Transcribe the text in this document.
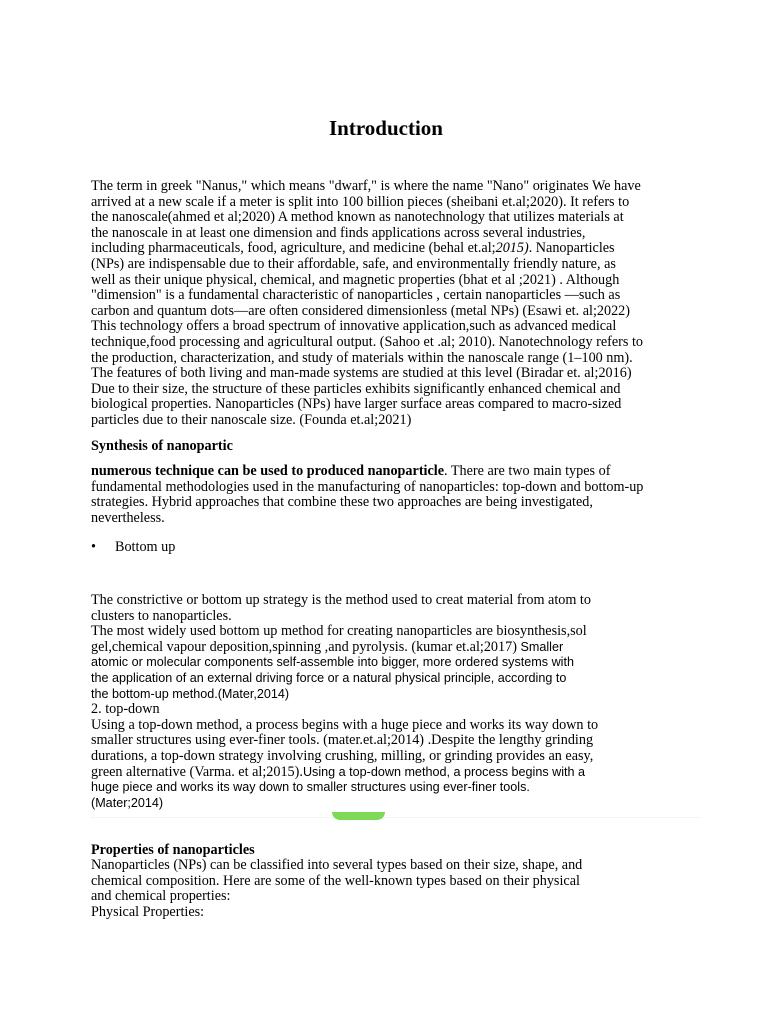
Introduction
The term in greek "Nanus," which means "dwarf," is where the name "Nano" originates We have
arrived at a new scale if a meter is split into 100 billion pieces (sheibani et.al;2020). It refers to
the nanoscale(ahmed et al;2020) A method known as nanotechnology that utilizes materials at
the nanoscale in at least one dimension and finds applications across several industries,
including pharmaceuticals, food, agriculture, and medicine (behal et.al;2015). Nanoparticles
(NPs) are indispensable due to their affordable, safe, and environmentally friendly nature, as
well as their unique physical, chemical, and magnetic properties (bhat et al ;2021) . Although
"dimension" is a fundamental characteristic of nanoparticles , certain nanoparticles —such as
carbon and quantum dots—are often considered dimensionless (metal NPs) (Esawi et. al;2022)
This technology offers a broad spectrum of innovative application,such as advanced medical
technique,food processing and agricultural output. (Sahoo et .al; 2010). Nanotechnology refers to
the production, characterization, and study of materials within the nanoscale range (1–100 nm).
The features of both living and man-made systems are studied at this level (Biradar et. al;2016)
Due to their size, the structure of these particles exhibits significantly enhanced chemical and
biological properties. Nanoparticles (NPs) have larger surface areas compared to macro-sized
particles due to their nanoscale size. (Founda et.al;2021)
Synthesis of nanopartic
numerous technique can be used to produced nanoparticle. There are two main types of
fundamental methodologies used in the manufacturing of nanoparticles: top-down and bottom-up
strategies. Hybrid approaches that combine these two approaches are being investigated,
nevertheless.
• Bottom up
The constrictive or bottom up strategy is the method used to creat material from atom to
clusters to nanoparticles.
The most widely used bottom up method for creating nanoparticles are biosynthesis,sol
gel,chemical vapour deposition,spinning ,and pyrolysis. (kumar et.al;2017) Smaller
atomic or molecular components self-assemble into bigger, more ordered systems with
the application of an external driving force or a natural physical principle, according to
the bottom-up method.(Mater,2014)
2. top-down
Using a top-down method, a process begins with a huge piece and works its way down to
smaller structures using ever-finer tools. (mater.et.al;2014) .Despite the lengthy grinding
durations, a top-down strategy involving crushing, milling, or grinding provides an easy,
green alternative (Varma. et al;2015).Using a top-down method, a process begins with a
huge piece and works its way down to smaller structures using ever-finer tools.
(Mater;2014)
Properties of nanoparticles
Nanoparticles (NPs) can be classified into several types based on their size, shape, and
chemical composition. Here are some of the well-known types based on their physical
and chemical properties:
Physical Properties:
